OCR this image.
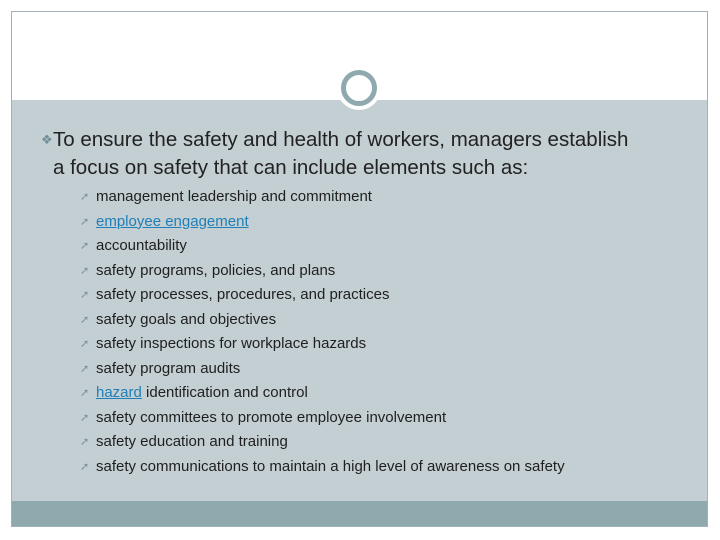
❖To ensure the safety and health of workers, managers establish
a focus on safety that can include elements such as:
➚ management leadership and commitment
➚ employee engagement
➚ accountability
➚ safety programs, policies, and plans
➚ safety processes, procedures, and practices
➚ safety goals and objectives
➚ safety inspections for workplace hazards
➚ safety program audits
➚ hazard identification and control
➚ safety committees to promote employee involvement
➚ safety education and training
➚ safety communications to maintain a high level of awareness on safety
